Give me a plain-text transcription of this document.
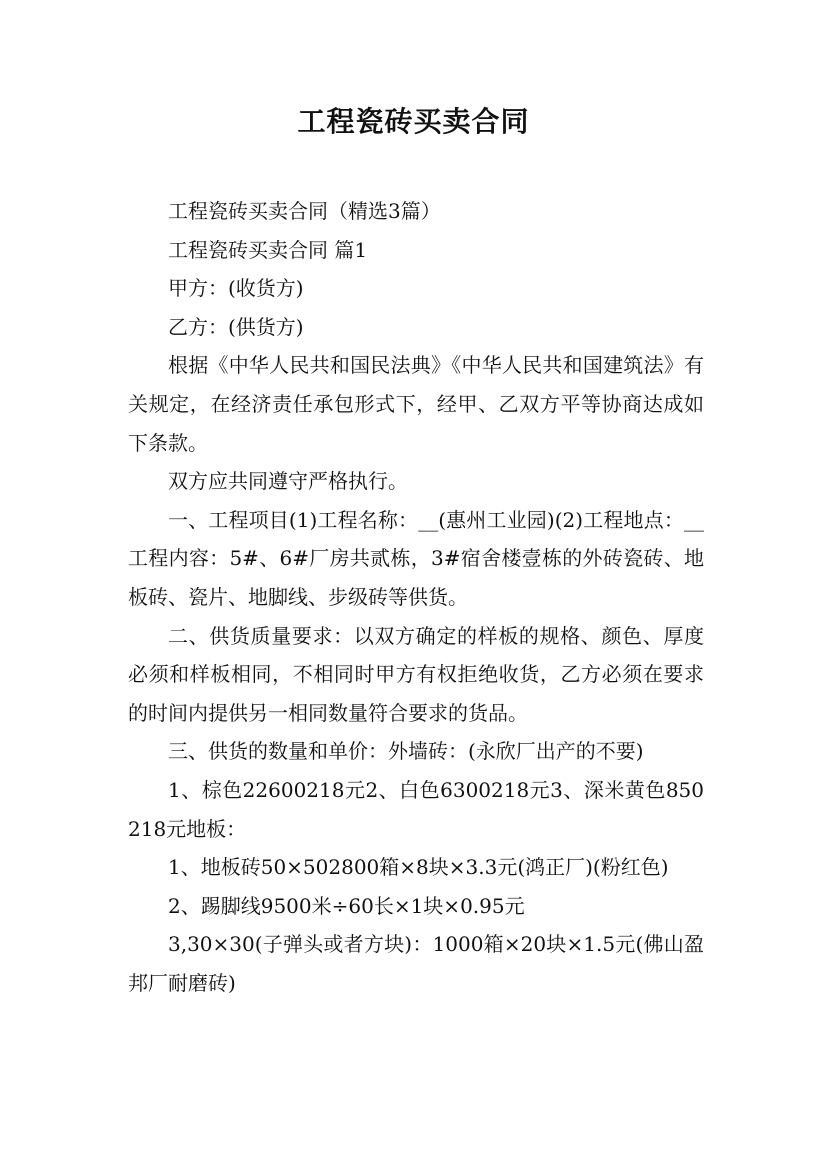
工程瓷砖买卖合同

工程瓷砖买卖合同（精选3篇）

工程瓷砖买卖合同 篇1

甲方：(收货方)

乙方：(供货方)

根据《中华人民共和国民法典》《中华人民共和国建筑法》有关规定，在经济责任承包形式下，经甲、乙双方平等协商达成如下条款。

双方应共同遵守严格执行。

一、工程项目(1)工程名称：__(惠州工业园)(2)工程地点：__工程内容：5#、6#厂房共贰栋，3#宿舍楼壹栋的外砖瓷砖、地板砖、瓷片、地脚线、步级砖等供货。

二、供货质量要求：以双方确定的样板的规格、颜色、厚度必须和样板相同，不相同时甲方有权拒绝收货，乙方必须在要求的时间内提供另一相同数量符合要求的货品。

三、供货的数量和单价：外墙砖：(永欣厂出产的不要)

1、棕色22600218元2、白色6300218元3、深米黄色850218元地板：

1、地板砖50×502800箱×8块×3.3元(鸿正厂)(粉红色)

2、踢脚线9500米÷60长×1块×0.95元

3,30×30(子弹头或者方块)：1000箱×20块×1.5元(佛山盈邦厂耐磨砖)
